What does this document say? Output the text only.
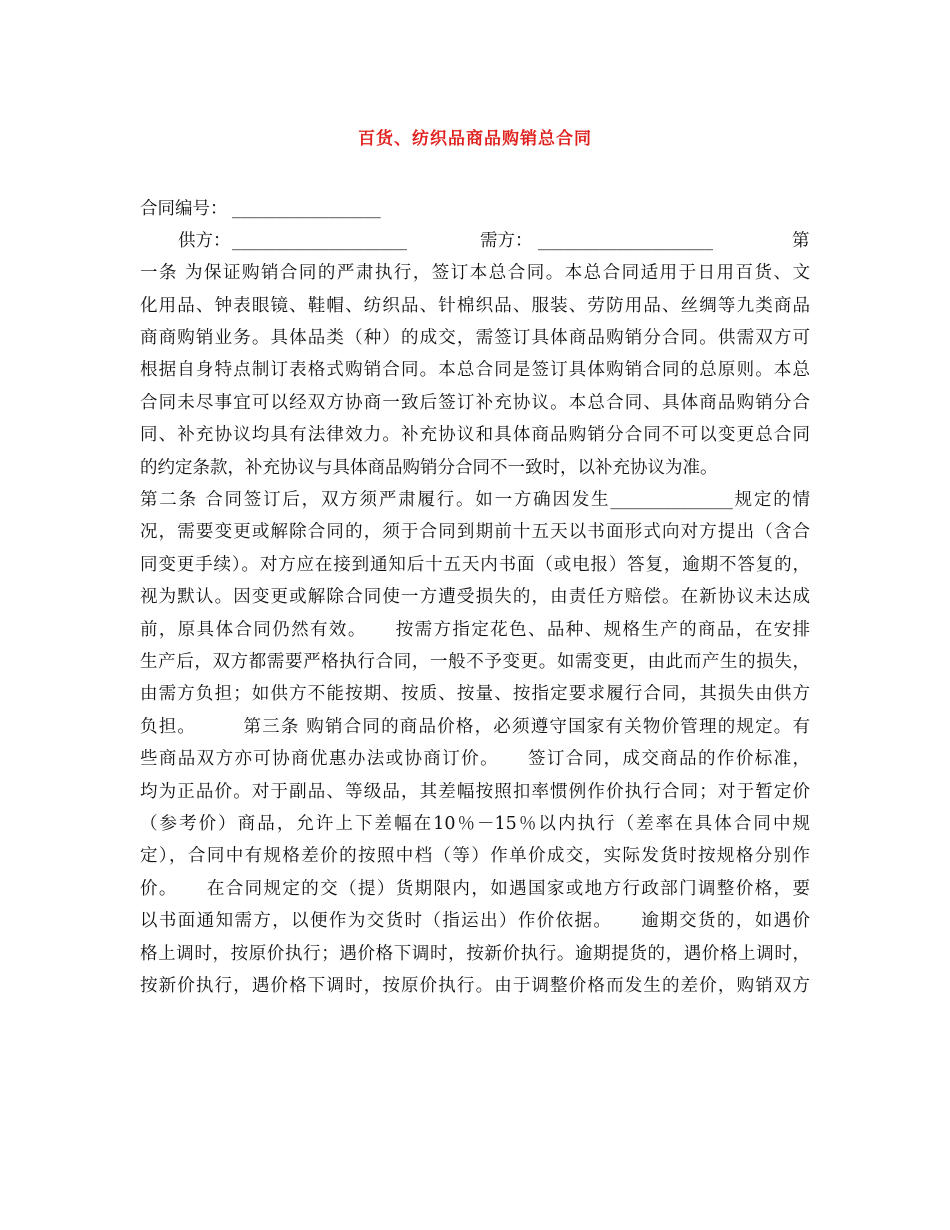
百货、纺织品商品购销总合同
合同编号： _________________
供方： ____________________	需方： ____________________	第
一条 为保证购销合同的严肃执行，签订本总合同。本总合同适用于日用百货、文
化用品、钟表眼镜、鞋帽、纺织品、针棉织品、服装、劳防用品、丝绸等九类商品
商商购销业务。具体品类（种）的成交，需签订具体商品购销分合同。供需双方可
根据自身特点制订表格式购销合同。本总合同是签订具体购销合同的总原则。本总
合同未尽事宜可以经双方协商一致后签订补充协议。本总合同、具体商品购销分合
同、补充协议均具有法律效力。补充协议和具体商品购销分合同不可以变更总合同
的约定条款，补充协议与具体商品购销分合同不一致时，以补充协议为准。
第二条 合同签订后，双方须严肃履行。如一方确因发生______________规定的情
况，需要变更或解除合同的，须于合同到期前十五天以书面形式向对方提出（含合
同变更手续）。对方应在接到通知后十五天内书面（或电报）答复，逾期不答复的，
视为默认。因变更或解除合同使一方遭受损失的，由责任方赔偿。在新协议未达成
前，原具体合同仍然有效。　　按需方指定花色、品种、规格生产的商品，在安排
生产后，双方都需要严格执行合同，一般不予变更。如需变更，由此而产生的损失，
由需方负担；如供方不能按期、按质、按量、按指定要求履行合同，其损失由供方
负担。　　　第三条 购销合同的商品价格，必须遵守国家有关物价管理的规定。有
些商品双方亦可协商优惠办法或协商订价。　　签订合同，成交商品的作价标准，
均为正品价。对于副品、等级品，其差幅按照扣率惯例作价执行合同；对于暂定价
（参考价）商品，允许上下差幅在10％－15％以内执行（差率在具体合同中规
定），合同中有规格差价的按照中档（等）作单价成交，实际发货时按规格分别作
价。　　在合同规定的交（提）货期限内，如遇国家或地方行政部门调整价格，要
以书面通知需方，以便作为交货时（指运出）作价依据。　　逾期交货的，如遇价
格上调时，按原价执行；遇价格下调时，按新价执行。逾期提货的，遇价格上调时，
按新价执行，遇价格下调时，按原价执行。由于调整价格而发生的差价，购销双方
